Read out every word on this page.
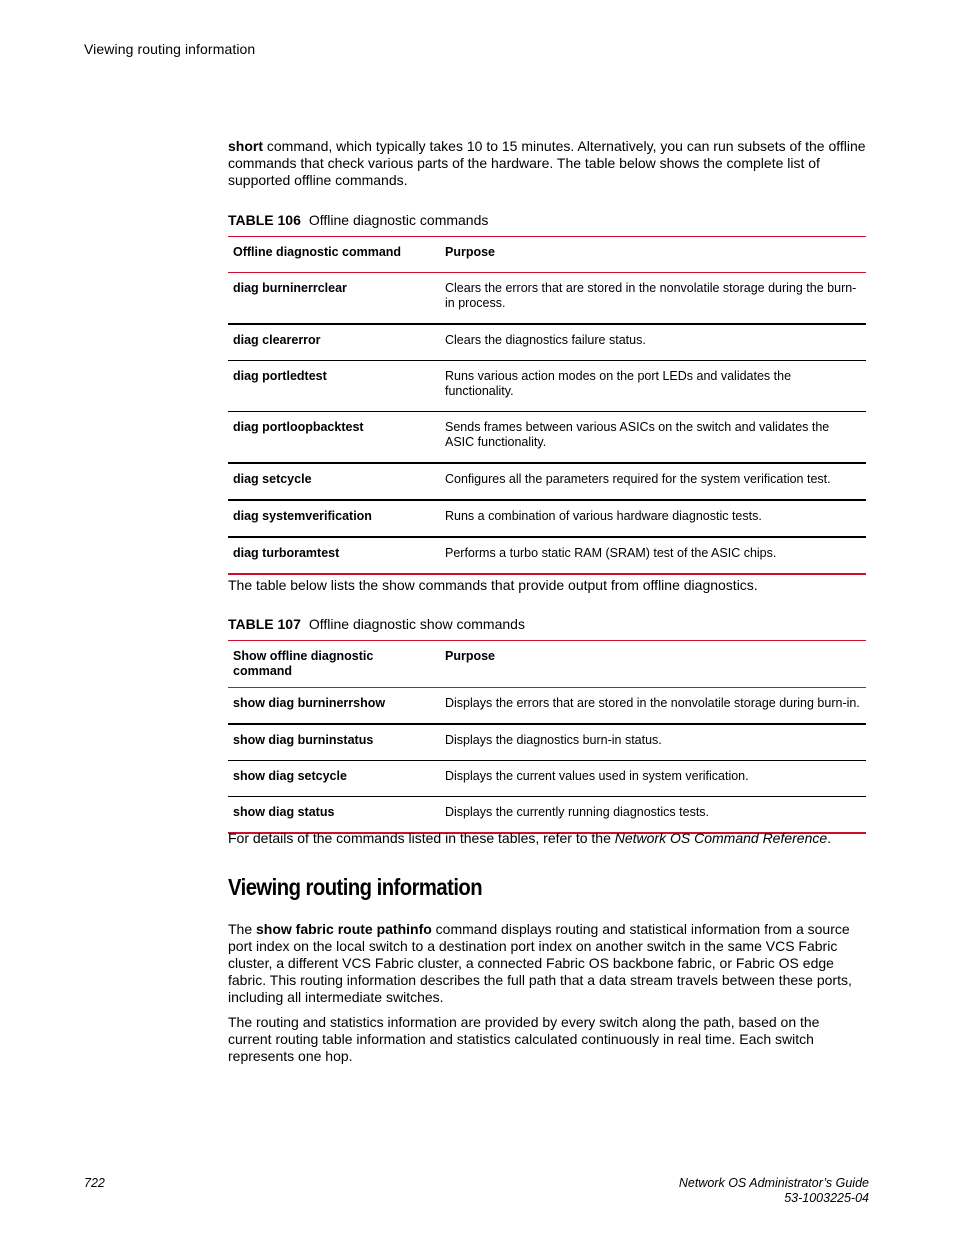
Viewing routing information

short command, which typically takes 10 to 15 minutes. Alternatively, you can run subsets of the offline commands that check various parts of the hardware. The table below shows the complete list of supported offline commands.

TABLE 106 Offline diagnostic commands
Offline diagnostic command	Purpose
diag burninerrclear	Clears the errors that are stored in the nonvolatile storage during the burn-in process.
diag clearerror	Clears the diagnostics failure status.
diag portledtest	Runs various action modes on the port LEDs and validates the functionality.
diag portloopbacktest	Sends frames between various ASICs on the switch and validates the ASIC functionality.
diag setcycle	Configures all the parameters required for the system verification test.
diag systemverification	Runs a combination of various hardware diagnostic tests.
diag turboramtest	Performs a turbo static RAM (SRAM) test of the ASIC chips.

The table below lists the show commands that provide output from offline diagnostics.

TABLE 107 Offline diagnostic show commands
Show offline diagnostic command	Purpose
show diag burninerrshow	Displays the errors that are stored in the nonvolatile storage during burn-in.
show diag burninstatus	Displays the diagnostics burn-in status.
show diag setcycle	Displays the current values used in system verification.
show diag status	Displays the currently running diagnostics tests.

For details of the commands listed in these tables, refer to the Network OS Command Reference.

Viewing routing information

The show fabric route pathinfo command displays routing and statistical information from a source port index on the local switch to a destination port index on another switch in the same VCS Fabric cluster, a different VCS Fabric cluster, a connected Fabric OS backbone fabric, or Fabric OS edge fabric. This routing information describes the full path that a data stream travels between these ports, including all intermediate switches.

The routing and statistics information are provided by every switch along the path, based on the current routing table information and statistics calculated continuously in real time. Each switch represents one hop.

722	Network OS Administrator’s Guide
53-1003225-04
